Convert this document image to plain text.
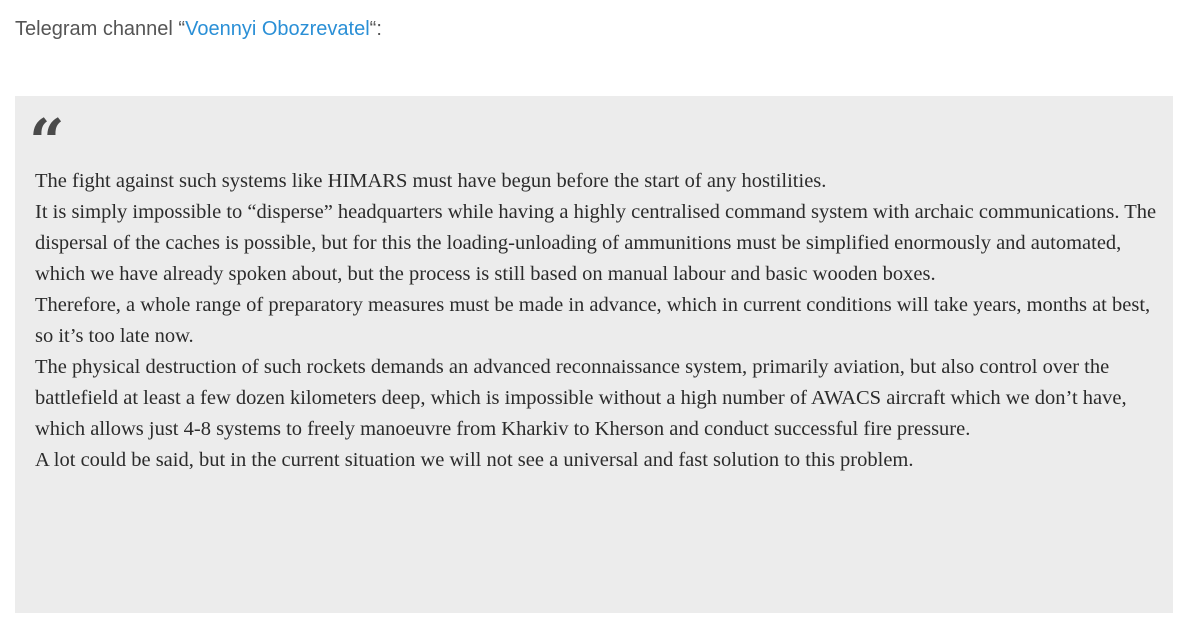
Telegram channel “Voennyi Obozrevatel“:
“

The fight against such systems like HIMARS must have begun before the start of any hostilities.

It is simply impossible to “disperse” headquarters while having a highly centralised command system with archaic communications. The dispersal of the caches is possible, but for this the loading-unloading of ammunitions must be simplified enormously and automated, which we have already spoken about, but the process is still based on manual labour and basic wooden boxes.

Therefore, a whole range of preparatory measures must be made in advance, which in current conditions will take years, months at best, so it’s too late now.

The physical destruction of such rockets demands an advanced reconnaissance system, primarily aviation, but also control over the battlefield at least a few dozen kilometers deep, which is impossible without a high number of AWACS aircraft which we don’t have, which allows just 4-8 systems to freely manoeuvre from Kharkiv to Kherson and conduct successful fire pressure.

A lot could be said, but in the current situation we will not see a universal and fast solution to this problem.
